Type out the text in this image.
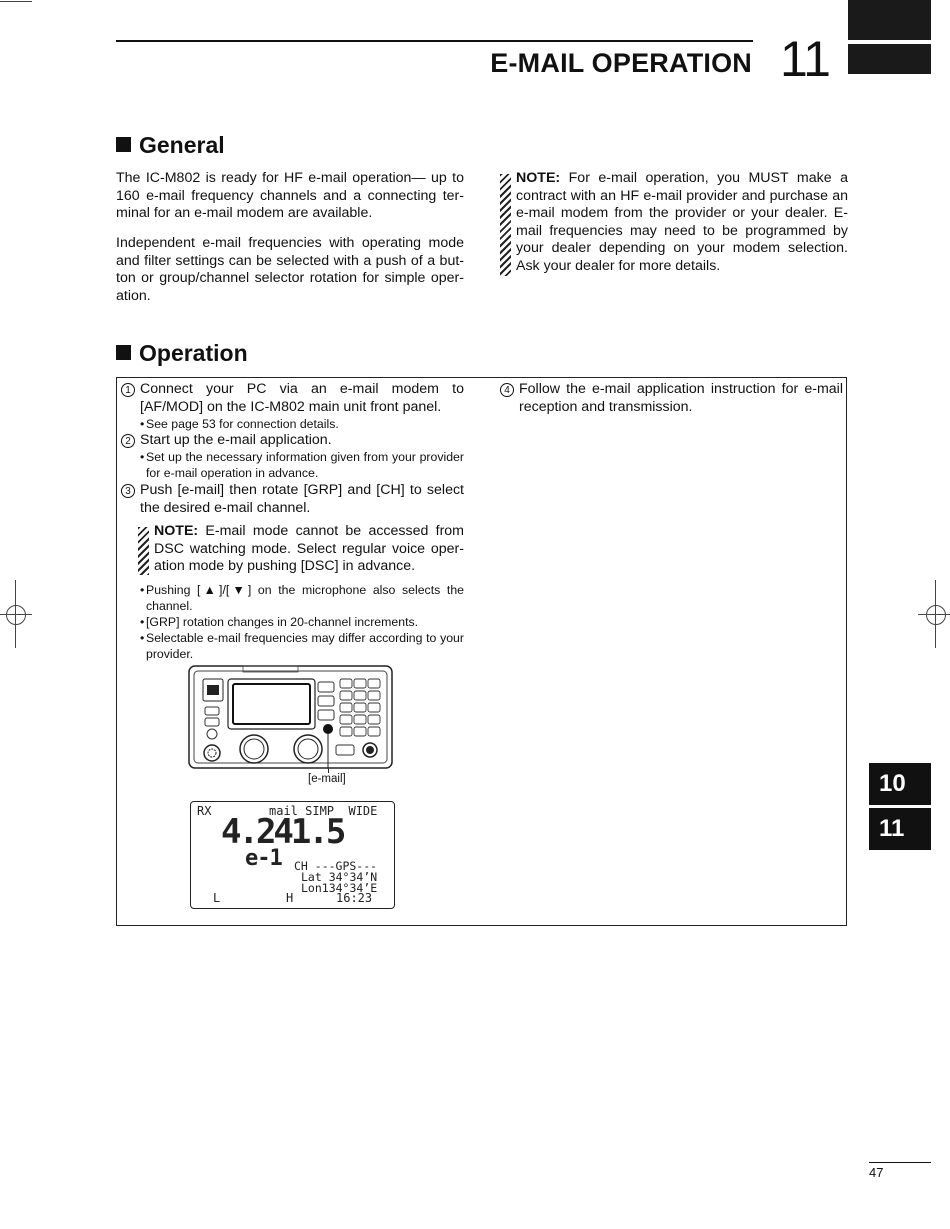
E-MAIL OPERATION 11
General

The IC-M802 is ready for HF e-mail operation— up to 160 e-mail frequency channels and a connecting ter-minal for an e-mail modem are available.

Independent e-mail frequencies with operating mode and filter settings can be selected with a push of a but-ton or group/channel selector rotation for simple oper-ation.

NOTE: For e-mail operation, you MUST make a contract with an HF e-mail provider and purchase an e-mail modem from the provider or your dealer. E-mail frequencies may need to be programmed by your dealer depending on your modem selection. Ask your dealer for more details.

Operation
1 Connect your PC via an e-mail modem to [AF/MOD] on the IC-M802 main unit front panel.
• See page 53 for connection details.
2 Start up the e-mail application.
• Set up the necessary information given from your provider for e-mail operation in advance.
3 Push [e-mail] then rotate [GRP] and [CH] to select the desired e-mail channel.

NOTE: E-mail mode cannot be accessed from DSC watching mode. Select regular voice oper-ation mode by pushing [DSC] in advance.

• Pushing [▲]/[▼] on the microphone also selects the channel.
• [GRP] rotation changes in 20-channel increments.
• Selectable e-mail frequencies may differ according to your provider.
4 Follow the e-mail application instruction for e-mail reception and transmission.
[e-mail]
RX	mail SIMP  WIDE
4.241.5
e-1 CH ---GPS---
Lat 34°34’N
Lon134°34’E
L	H	16:23
10
11
47
